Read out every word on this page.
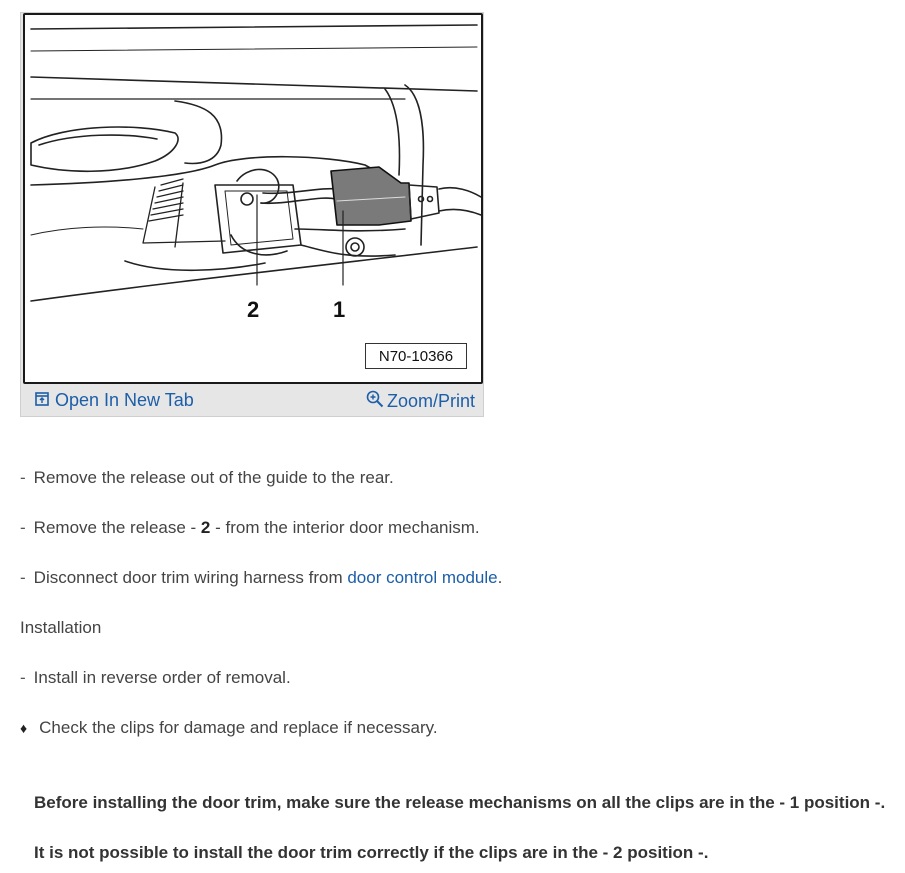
2	1
N70-10366
Open In New Tab	Zoom/Print
- Remove the release out of the guide to the rear.
- Remove the release - 2 - from the interior door mechanism.
- Disconnect door trim wiring harness from door control module.
Installation
- Install in reverse order of removal.
♦ Check the clips for damage and replace if necessary.
Before installing the door trim, make sure the release mechanisms on all the clips are in the - 1 position -.
It is not possible to install the door trim correctly if the clips are in the - 2 position -.
